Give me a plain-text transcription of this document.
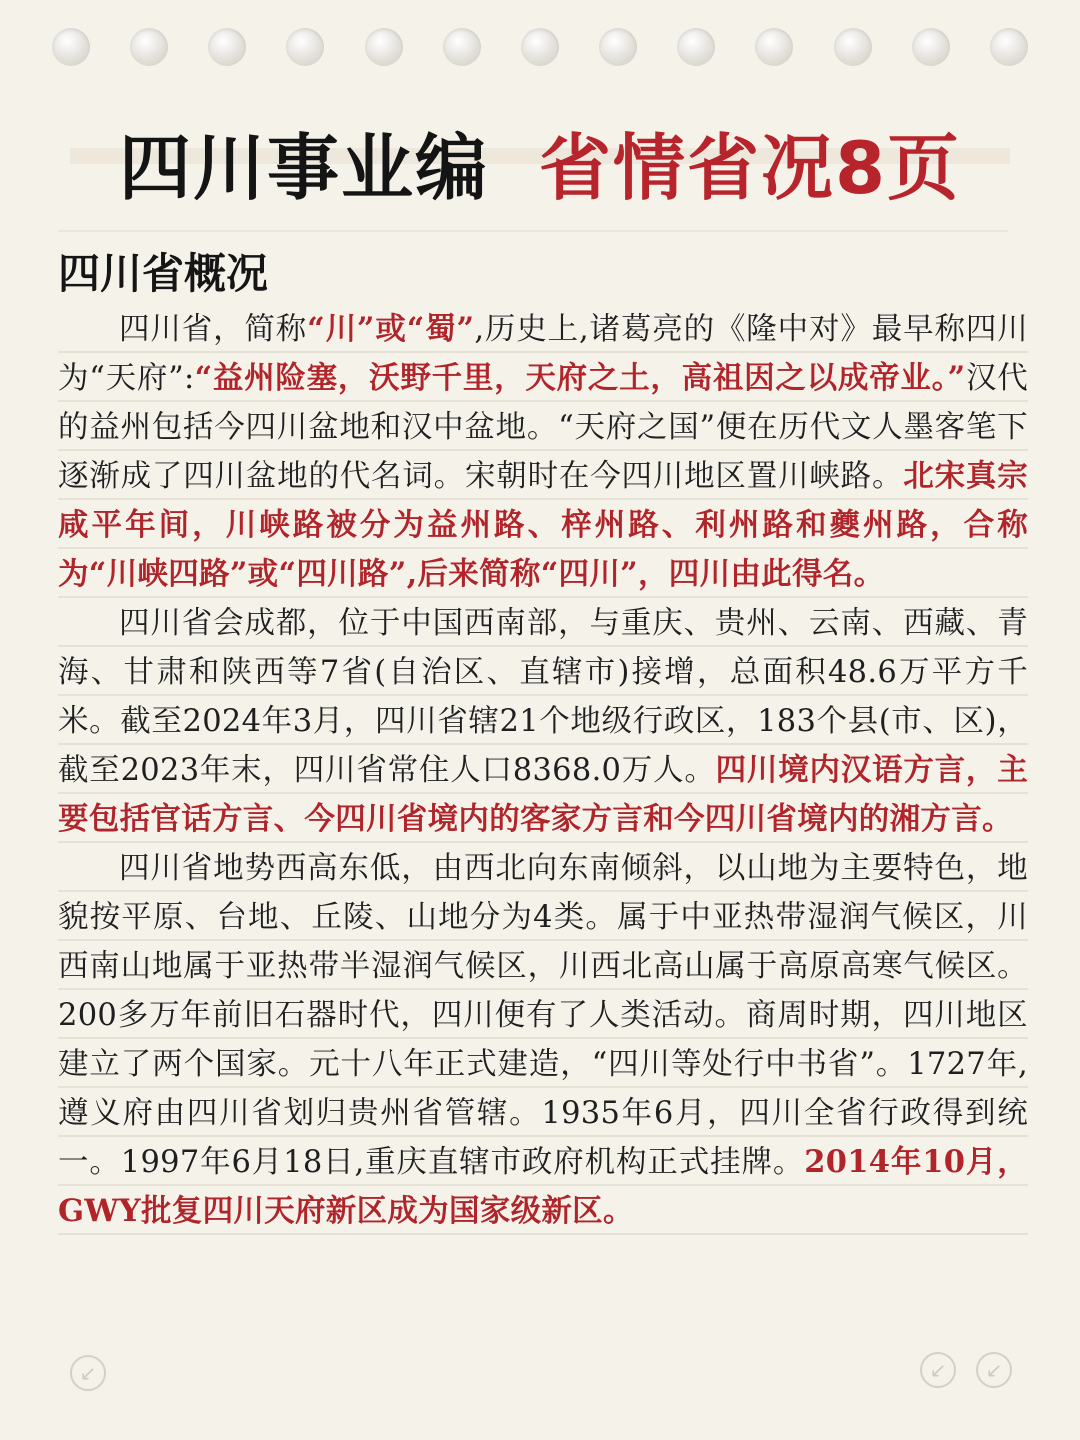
四川事业编 省情省况8页
四川省概况

四川省，简称“川”或“蜀”,历史上,诸葛亮的《隆中对》最早称四川为“天府”:“益州险塞，沃野千里，天府之土，高祖因之以成帝业。”汉代的益州包括今四川盆地和汉中盆地。“天府之国”便在历代文人墨客笔下逐渐成了四川盆地的代名词。宋朝时在今四川地区置川峡路。北宋真宗咸平年间，川峡路被分为益州路、梓州路、利州路和夔州路，合称为“川峡四路”或“四川路”,后来简称“四川”，四川由此得名。

四川省会成都，位于中国西南部，与重庆、贵州、云南、西藏、青海、甘肃和陕西等7省(自治区、直辖市)接增，总面积48.6万平方千米。截至2024年3月，四川省辖21个地级行政区，183个县(市、区)，截至2023年末，四川省常住人口8368.0万人。四川境内汉语方言，主要包括官话方言、今四川省境内的客家方言和今四川省境内的湘方言。

四川省地势西高东低，由西北向东南倾斜，以山地为主要特色，地貌按平原、台地、丘陵、山地分为4类。属于中亚热带湿润气候区，川西南山地属于亚热带半湿润气候区，川西北高山属于高原高寒气候区。200多万年前旧石器时代，四川便有了人类活动。商周时期，四川地区建立了两个国家。元十八年正式建造，“四川等处行中书省”。1727年,遵义府由四川省划归贵州省管辖。1935年6月，四川全省行政得到统一。1997年6月18日,重庆直辖市政府机构正式挂牌。2014年10月，GWY批复四川天府新区成为国家级新区。

↙	↙	↙
